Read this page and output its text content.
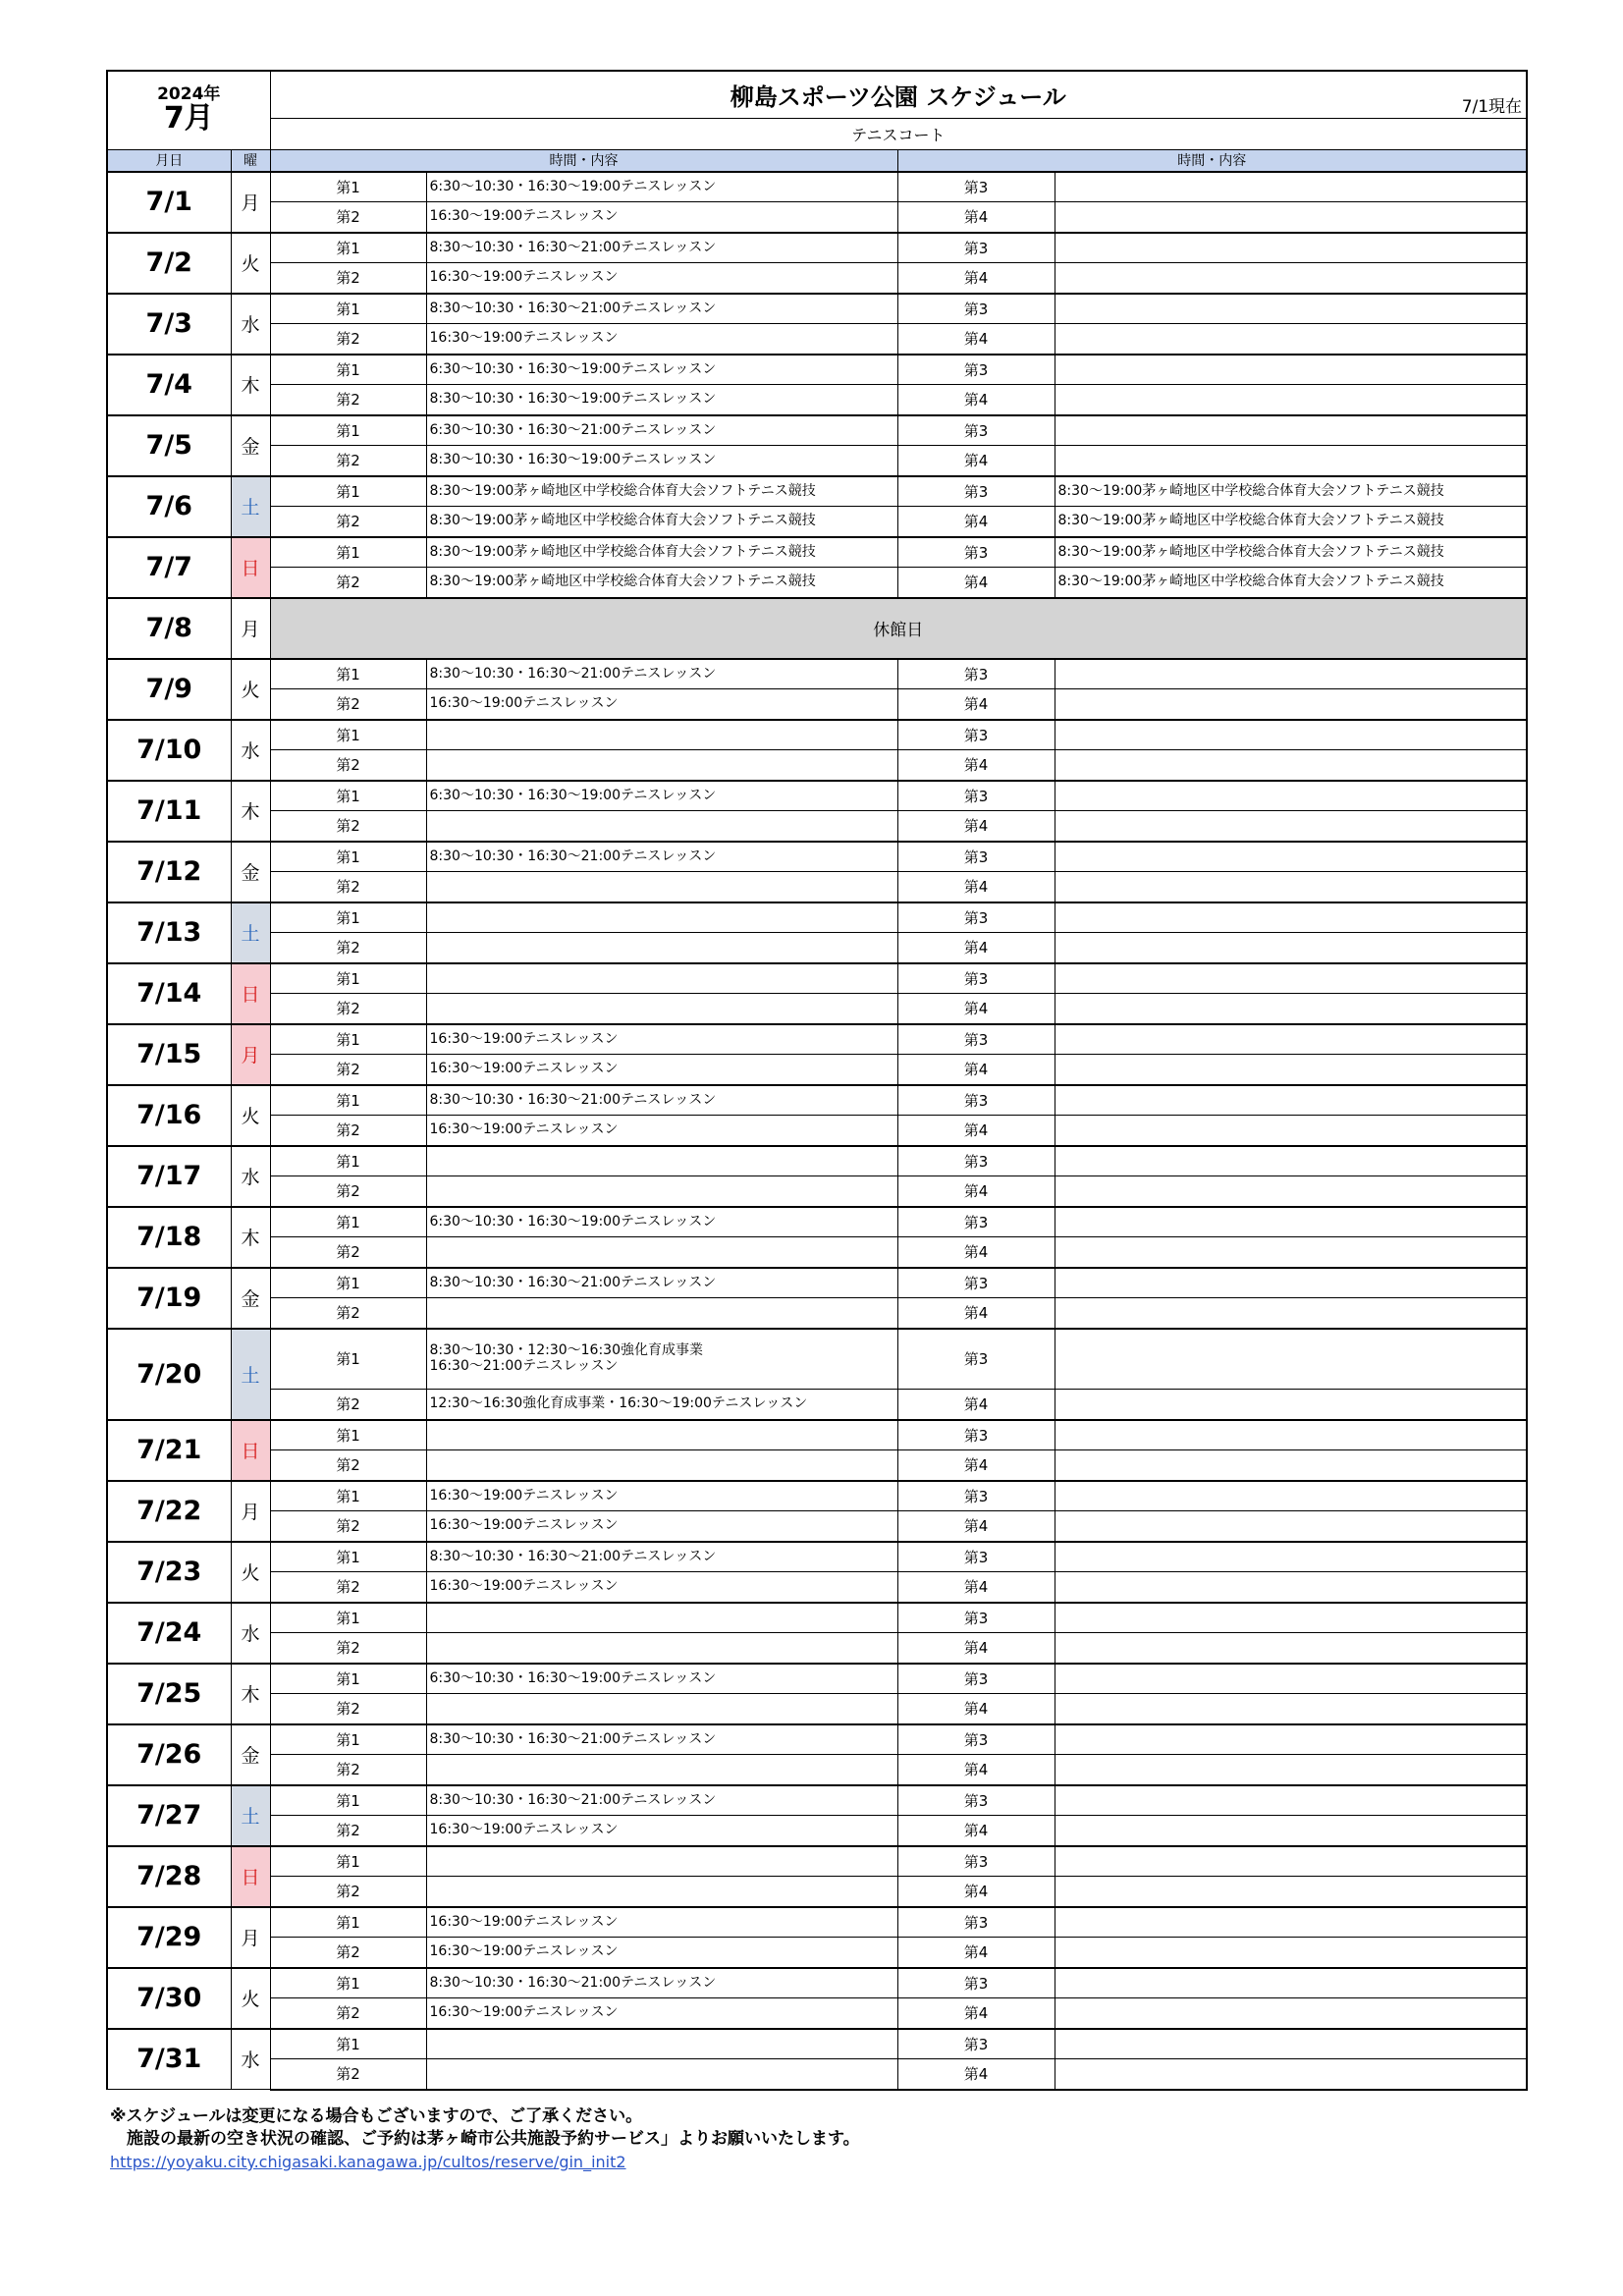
2024年
7月		柳島スポーツ公園 スケジュール 7/1現在			

		テニスコート			
月日	曜	時間・内容		時間・内容	
7/1	月	第1	6:30～10:30・16:30～19:00テニスレッスン	第3	

		第2	16:30～19:00テニスレッスン	第4	

7/2	火	第1	8:30～10:30・16:30～21:00テニスレッスン	第3	

		第2	16:30～19:00テニスレッスン	第4	

7/3	水	第1	8:30～10:30・16:30～21:00テニスレッスン	第3	

		第2	16:30～19:00テニスレッスン	第4	

7/4	木	第1	6:30～10:30・16:30～19:00テニスレッスン	第3	

		第2	8:30～10:30・16:30～19:00テニスレッスン	第4	

7/5	金	第1	6:30～10:30・16:30～21:00テニスレッスン	第3	

		第2	8:30～10:30・16:30～19:00テニスレッスン	第4	

7/6	土	第1	8:30～19:00茅ヶ崎地区中学校総合体育大会ソフトテニス競技	第3	8:30～19:00茅ヶ崎地区中学校総合体育大会ソフトテニス競技

		第2	8:30～19:00茅ヶ崎地区中学校総合体育大会ソフトテニス競技	第4	8:30～19:00茅ヶ崎地区中学校総合体育大会ソフトテニス競技

7/7	日	第1	8:30～19:00茅ヶ崎地区中学校総合体育大会ソフトテニス競技	第3	8:30～19:00茅ヶ崎地区中学校総合体育大会ソフトテニス競技

		第2	8:30～19:00茅ヶ崎地区中学校総合体育大会ソフトテニス競技	第4	8:30～19:00茅ヶ崎地区中学校総合体育大会ソフトテニス競技

7/8	月	休館日			
7/9	火	第1	8:30～10:30・16:30～21:00テニスレッスン	第3	

		第2	16:30～19:00テニスレッスン	第4	

7/10	水	第1		第3	

		第2		第4	

7/11	木	第1	6:30～10:30・16:30～19:00テニスレッスン	第3	

		第2		第4	

7/12	金	第1	8:30～10:30・16:30～21:00テニスレッスン	第3	

		第2		第4	

7/13	土	第1		第3	

		第2		第4	

7/14	日	第1		第3	

		第2		第4	

7/15	月	第1	16:30～19:00テニスレッスン	第3	

		第2	16:30～19:00テニスレッスン	第4	

7/16	火	第1	8:30～10:30・16:30～21:00テニスレッスン	第3	

		第2	16:30～19:00テニスレッスン	第4	

7/17	水	第1		第3	

		第2		第4	

7/18	木	第1	6:30～10:30・16:30～19:00テニスレッスン	第3	

		第2		第4	

7/19	金	第1	8:30～10:30・16:30～21:00テニスレッスン	第3	

		第2		第4	

7/20	土	第1	8:30～10:30・12:30～16:30強化育成事業
16:30～21:00テニスレッスン	第3	

		第2	12:30～16:30強化育成事業・16:30～19:00テニスレッスン	第4	

7/21	日	第1		第3	

		第2		第4	

7/22	月	第1	16:30～19:00テニスレッスン	第3	

		第2	16:30～19:00テニスレッスン	第4	

7/23	火	第1	8:30～10:30・16:30～21:00テニスレッスン	第3	

		第2	16:30～19:00テニスレッスン	第4	

7/24	水	第1		第3	

		第2		第4	

7/25	木	第1	6:30～10:30・16:30～19:00テニスレッスン	第3	

		第2		第4	

7/26	金	第1	8:30～10:30・16:30～21:00テニスレッスン	第3	

		第2		第4	

7/27	土	第1	8:30～10:30・16:30～21:00テニスレッスン	第3	

		第2	16:30～19:00テニスレッスン	第4	

7/28	日	第1		第3	

		第2		第4	

7/29	月	第1	16:30～19:00テニスレッスン	第3	

		第2	16:30～19:00テニスレッスン	第4	

7/30	火	第1	8:30～10:30・16:30～21:00テニスレッスン	第3	

		第2	16:30～19:00テニスレッスン	第4	

7/31	水	第1		第3	

		第2		第4	
※スケジュールは変更になる場合もございますので、ご了承ください。
　施設の最新の空き状況の確認、ご予約は茅ヶ崎市公共施設予約サービス」よりお願いいたします。
https://yoyaku.city.chigasaki.kanagawa.jp/cultos/reserve/gin_init2
